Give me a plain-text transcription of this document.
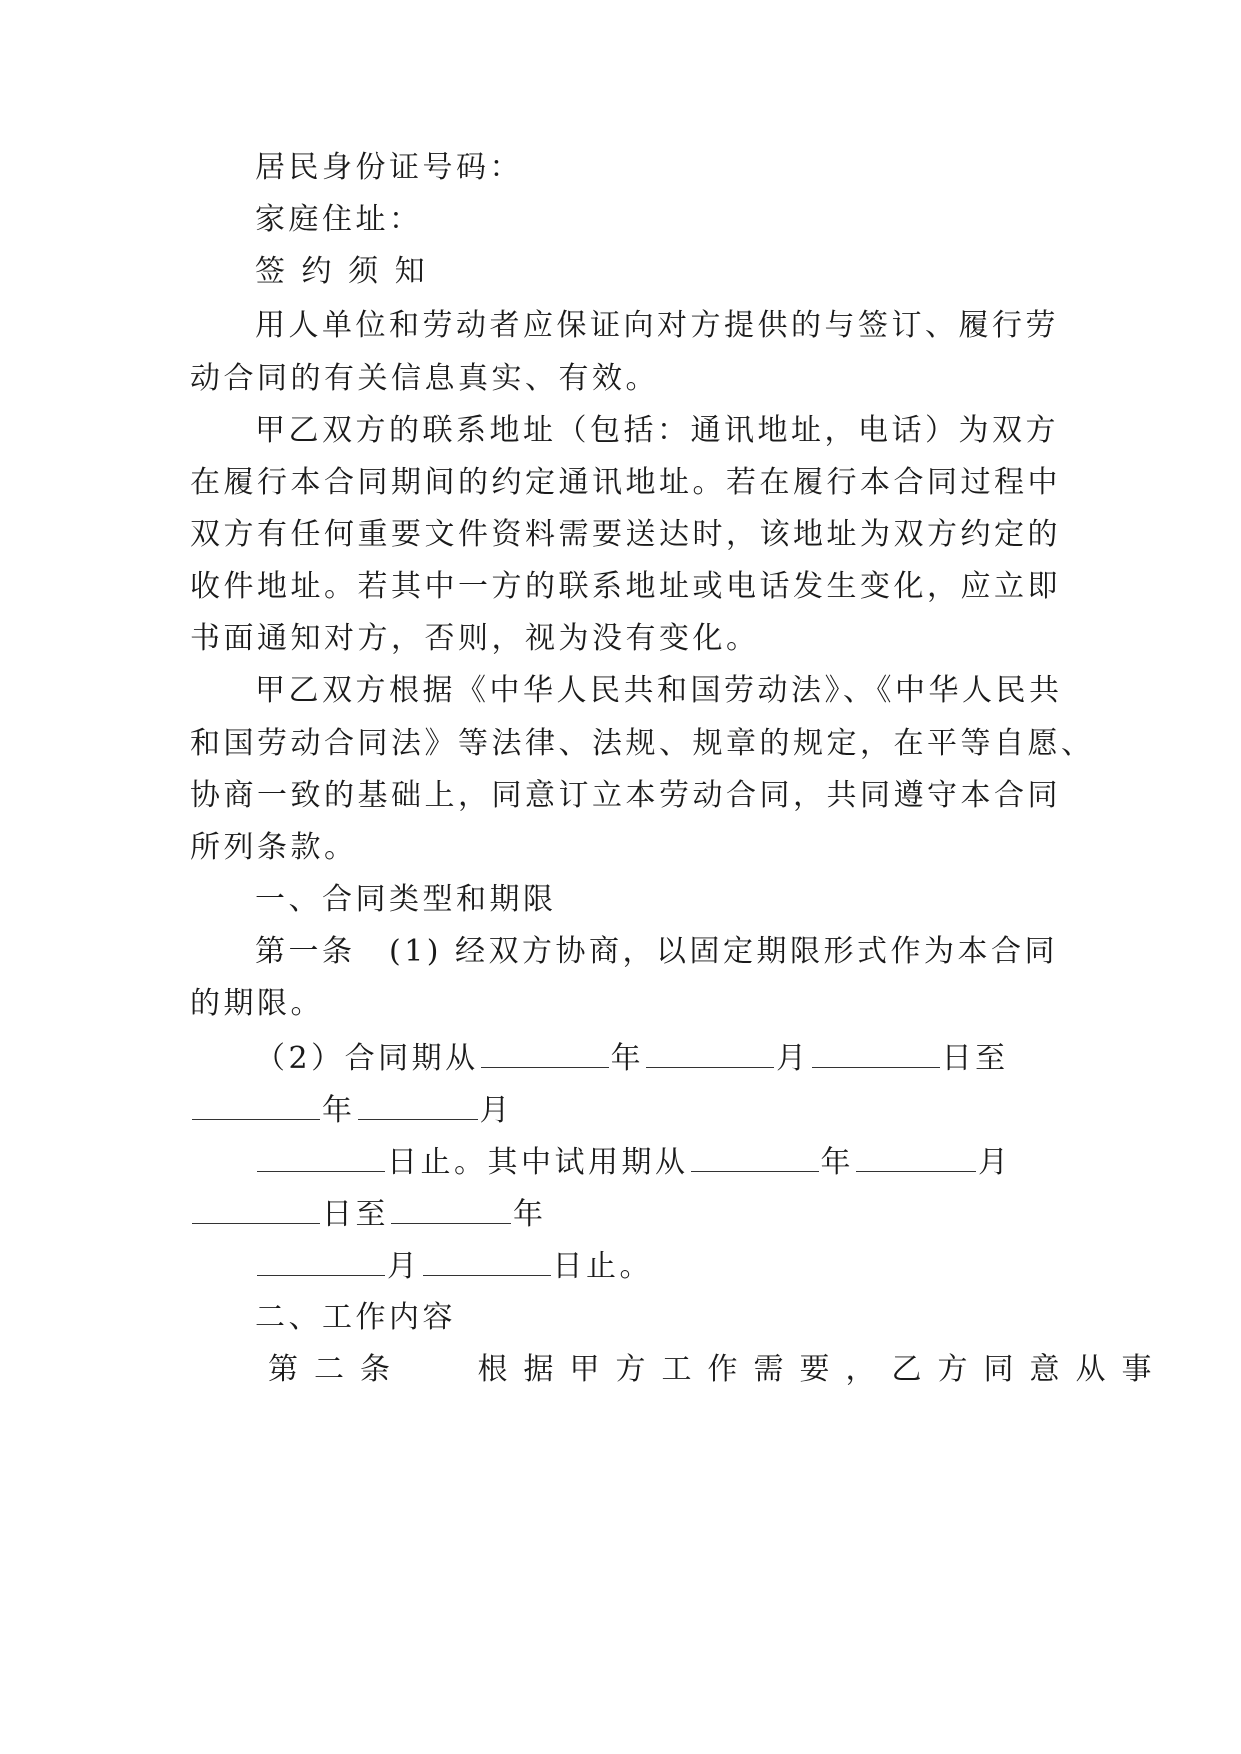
居民身份证号码：
家庭住址：
签 约 须 知
用人单位和劳动者应保证向对方提供的与签订、履行劳
动合同的有关信息真实、有效。
甲乙双方的联系地址（包括：通讯地址，电话）为双方
在履行本合同期间的约定通讯地址。若在履行本合同过程中
双方有任何重要文件资料需要送达时，该地址为双方约定的
收件地址。若其中一方的联系地址或电话发生变化，应立即
书面通知对方，否则，视为没有变化。
甲乙双方根据《中华人民共和国劳动法》、《中华人民共
和国劳动合同法》等法律、法规、规章的规定，在平等自愿、
协商一致的基础上，同意订立本劳动合同，共同遵守本合同
所列条款。
一、合同类型和期限
第一条　(1) 经双方协商，以固定期限形式作为本合同
的期限。
（2）合同期从	年	月	日至
年	月
日止。其中试用期从	年	月
日至	年
月	日止。
二、工作内容
第二条　 根据甲方工作需要，乙方同意从事
